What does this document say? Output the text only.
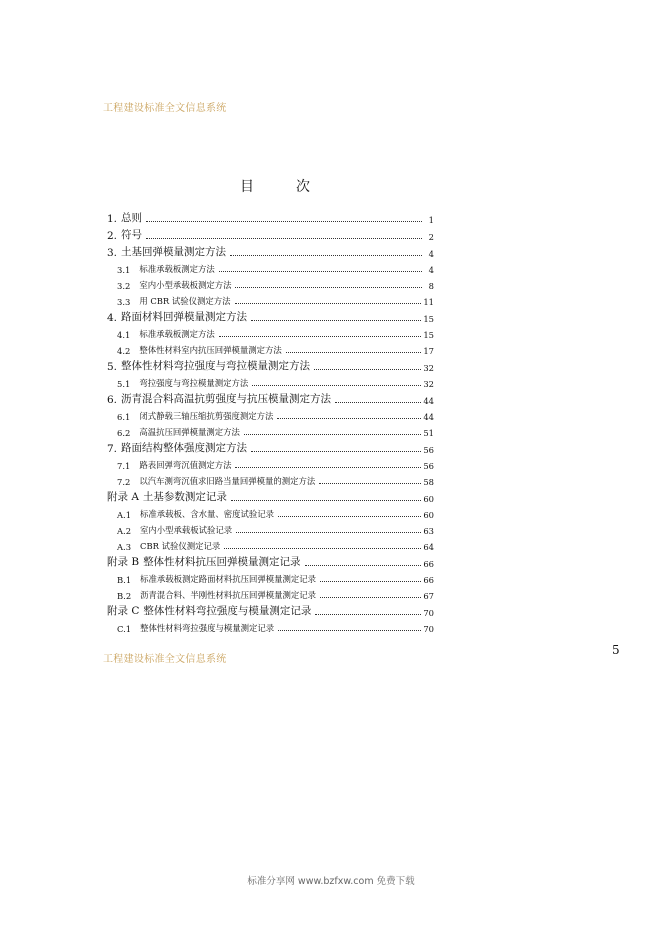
工程建设标准全文信息系统
目	次
1. 总则	1
2. 符号	2
3. 土基回弹模量测定方法	4
3.1 标准承载板测定方法	4
3.2 室内小型承载板测定方法	8
3.3 用 CBR 试验仪测定方法	11
4. 路面材料回弹模量测定方法	15
4.1 标准承载板测定方法	15
4.2 整体性材料室内抗压回弹模量测定方法	17
5. 整体性材料弯拉强度与弯拉模量测定方法	32
5.1 弯拉强度与弯拉模量测定方法	32
6. 沥青混合料高温抗剪强度与抗压模量测定方法	44
6.1 闭式静载三轴压缩抗剪强度测定方法	44
6.2 高温抗压回弹模量测定方法	51
7. 路面结构整体强度测定方法	56
7.1 路表回弹弯沉值测定方法	56
7.2 以汽车测弯沉值求旧路当量回弹模量的测定方法	58
附录 A 土基参数测定记录	60
A.1 标准承载板、含水量、密度试验记录	60
A.2 室内小型承载板试验记录	63
A.3 CBR 试验仪测定记录	64
附录 B 整体性材料抗压回弹模量测定记录	66
B.1 标准承载板测定路面材料抗压回弹模量测定记录	66
B.2 沥青混合料、半刚性材料抗压回弹模量测定记录	67
附录 C 整体性材料弯拉强度与模量测定记录	70
C.1 整体性材料弯拉强度与模量测定记录	70
工程建设标准全文信息系统
5
标准分享网 www.bzfxw.com 免费下载
